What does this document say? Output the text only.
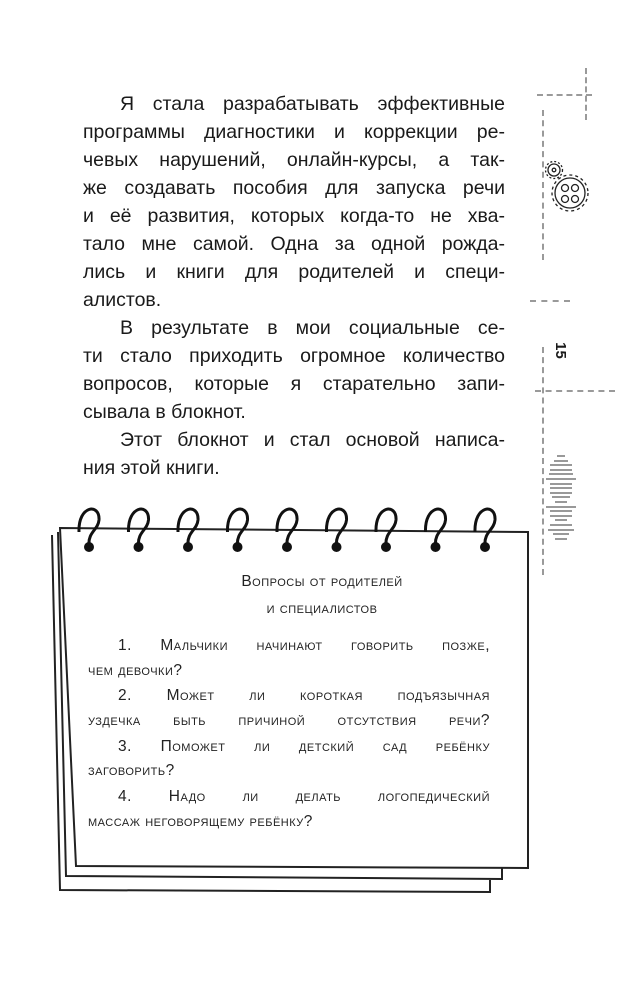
Я стала разрабатывать эффективные
программы диагностики и коррекции ре-
чевых нарушений, онлайн-курсы, а так-
же создавать пособия для запуска речи
и её развития, которых когда-то не хва-
тало мне самой. Одна за одной рожда-
лись и книги для родителей и специ-
алистов.
В результате в мои социальные се-
ти стало приходить огромное количество
вопросов, которые я старательно запи-
сывала в блокнот.
Этот блокнот и стал основой написа-
ния этой книги.
15
Вопросы от родителей
и специалистов
1. Мальчики начинают говорить позже,
чем девочки?
2. Может ли короткая подъязычная
уздечка быть причиной отсутствия речи?
3. Поможет ли детский сад ребёнку
заговорить?
4. Надо ли делать логопедический
массаж неговорящему ребёнку?
